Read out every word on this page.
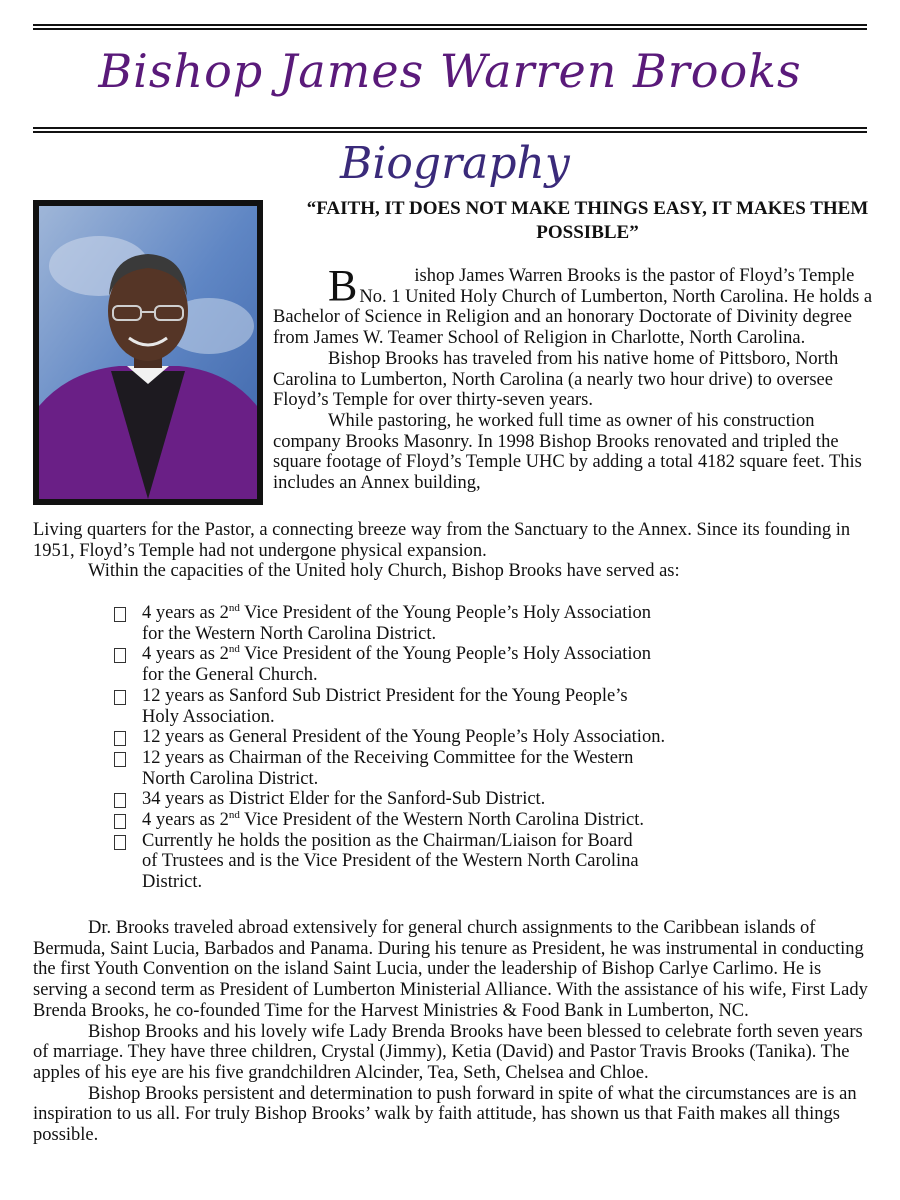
Bishop James Warren Brooks
Biography
“FAITH, IT DOES NOT MAKE THINGS EASY, IT MAKES THEM POSSIBLE”

B	ishop James Warren Brooks is the pastor of Floyd’s Temple No. 1 United Holy Church of Lumberton, North Carolina. He holds a Bachelor of Science in Religion and an honorary Doctorate of Divinity degree from James W. Teamer School of Religion in Charlotte, North Carolina.

Bishop Brooks has traveled from his native home of Pittsboro, North Carolina to Lumberton, North Carolina (a nearly two hour drive) to oversee Floyd’s Temple for over thirty-seven years.

While pastoring, he worked full time as owner of his construction company Brooks Masonry. In 1998 Bishop Brooks renovated and tripled the square footage of Floyd’s Temple UHC by adding a total 4182 square feet. This includes an Annex building,

Living quarters for the Pastor, a connecting breeze way from the Sanctuary to the Annex. Since its founding in 1951, Floyd’s Temple had not undergone physical expansion.

Within the capacities of the United holy Church, Bishop Brooks have served as:

4 years as 2nd Vice President of the Young People’s Holy Association
for the Western North Carolina District.
4 years as 2nd Vice President of the Young People’s Holy Association
for the General Church.
12 years as Sanford Sub District President for the Young People’s
Holy Association.
12 years as General President of the Young People’s Holy Association.
12 years as Chairman of the Receiving Committee for the Western
North Carolina District.
34 years as District Elder for the Sanford-Sub District.
4 years as 2nd Vice President of the Western North Carolina District.
Currently he holds the position as the Chairman/Liaison for Board
of Trustees and is the Vice President of the Western North Carolina
District.

Dr. Brooks traveled abroad extensively for general church assignments to the Caribbean islands of Bermuda, Saint Lucia, Barbados and Panama. During his tenure as President, he was instrumental in conducting the first Youth Convention on the island Saint Lucia, under the leadership of Bishop Carlye Carlimo. He is serving a second term as President of Lumberton Ministerial Alliance. With the assistance of his wife, First Lady Brenda Brooks, he co-founded Time for the Harvest Ministries & Food Bank in Lumberton, NC.

Bishop Brooks and his lovely wife Lady Brenda Brooks have been blessed to celebrate forth seven years of marriage. They have three children, Crystal (Jimmy), Ketia (David) and Pastor Travis Brooks (Tanika). The apples of his eye are his five grandchildren Alcinder, Tea, Seth, Chelsea and Chloe.

Bishop Brooks persistent and determination to push forward in spite of what the circumstances are is an inspiration to us all. For truly Bishop Brooks’ walk by faith attitude, has shown us that Faith makes all things possible.
